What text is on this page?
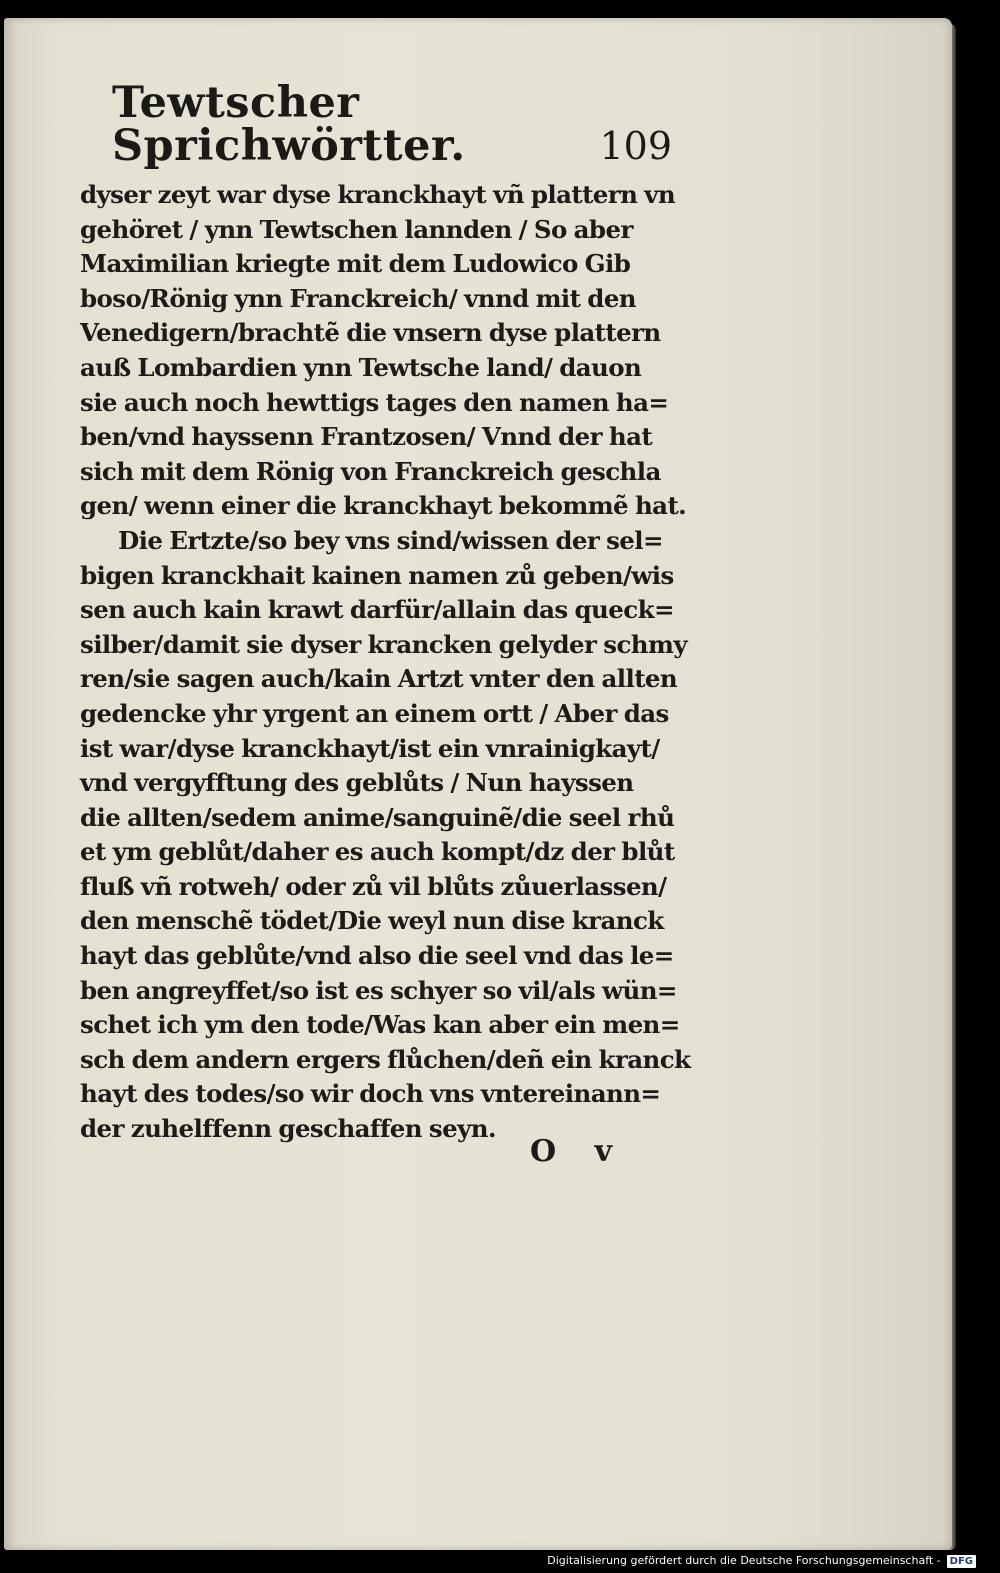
Tewtscher Sprichwörtter.	109
dyser zeyt war dyse kranckhayt vñ plattern vn
gehöret / ynn Tewtschen lannden / So aber
Maximilian kriegte mit dem Ludowico Gib
boso/Rönig ynn Franckreich/ vnnd mit den
Venedigern/brachtẽ die vnsern dyse plattern
auß Lombardien ynn Tewtsche land/ dauon
sie auch noch hewttigs tages den namen ha=
ben/vnd hayssenn Frantzosen/ Vnnd der hat
sich mit dem Rönig von Franckreich geschla
gen/ wenn einer die kranckhayt bekommẽ hat.
Die Ertzte/so bey vns sind/wissen der sel=
bigen kranckhait kainen namen zů geben/wis
sen auch kain krawt darfür/allain das queck=
silber/damit sie dyser krancken gelyder schmy
ren/sie sagen auch/kain Artzt vnter den allten
gedencke yhr yrgent an einem ortt / Aber das
ist war/dyse kranckhayt/ist ein vnrainigkayt/
vnd vergyfftung des geblůts / Nun hayssen
die allten/sedem anime/sanguinẽ/die seel rhů
et ym geblůt/daher es auch kompt/dz der blůt
fluß vñ rotweh/ oder zů vil blůts zůuerlassen/
den menschẽ tödet/Die weyl nun dise kranck
hayt das geblůte/vnd also die seel vnd das le=
ben angreyffet/so ist es schyer so vil/als wün=
schet ich ym den tode/Was kan aber ein men=
sch dem andern ergers flůchen/deñ ein kranck
hayt des todes/so wir doch vns vntereinann=
der zuhelffenn geschaffen seyn.
O v
Digitalisierung gefördert durch die Deutsche Forschungsgemeinschaft - DFG
